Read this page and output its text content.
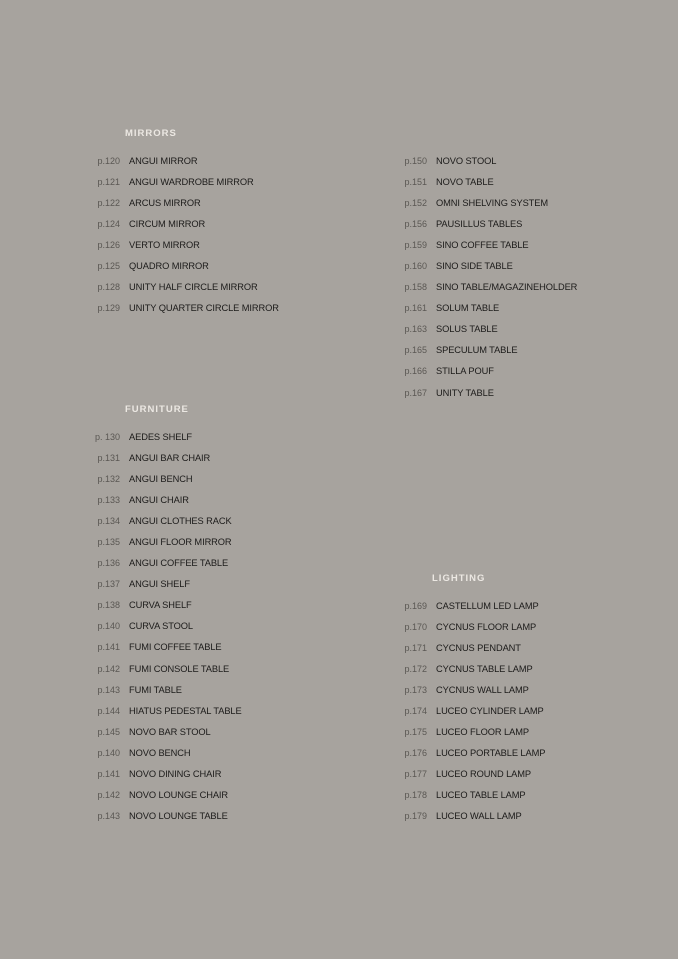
MIRRORS
p.120 ANGUI MIRROR
p.121 ANGUI WARDROBE MIRROR
p.122 ARCUS MIRROR
p.124 CIRCUM MIRROR
p.126 VERTO MIRROR
p.125 QUADRO MIRROR
p.128 UNITY HALF CIRCLE MIRROR
p.129 UNITY QUARTER CIRCLE MIRROR
FURNITURE
p. 130 AEDES SHELF
p.131 ANGUI BAR CHAIR
p.132 ANGUI BENCH
p.133 ANGUI CHAIR
p.134 ANGUI CLOTHES RACK
p.135 ANGUI FLOOR MIRROR
p.136 ANGUI COFFEE TABLE
p.137 ANGUI SHELF
p.138 CURVA SHELF
p.140 CURVA STOOL
p.141 FUMI COFFEE TABLE
p.142 FUMI CONSOLE TABLE
p.143 FUMI TABLE
p.144 HIATUS PEDESTAL TABLE
p.145 NOVO BAR STOOL
p.140 NOVO BENCH
p.141 NOVO DINING CHAIR
p.142 NOVO LOUNGE CHAIR
p.143 NOVO LOUNGE TABLE
p.150 NOVO STOOL
p.151 NOVO TABLE
p.152 OMNI SHELVING SYSTEM
p.156 PAUSILLUS TABLES
p.159 SINO COFFEE TABLE
p.160 SINO SIDE TABLE
p.158 SINO TABLE/MAGAZINEHOLDER
p.161 SOLUM TABLE
p.163 SOLUS TABLE
p.165 SPECULUM TABLE
p.166 STILLA POUF
p.167 UNITY TABLE
LIGHTING
p.169 CASTELLUM LED LAMP
p.170 CYCNUS FLOOR LAMP
p.171 CYCNUS PENDANT
p.172 CYCNUS TABLE LAMP
p.173 CYCNUS WALL LAMP
p.174 LUCEO CYLINDER LAMP
p.175 LUCEO FLOOR LAMP
p.176 LUCEO PORTABLE LAMP
p.177 LUCEO ROUND LAMP
p.178 LUCEO TABLE LAMP
p.179 LUCEO WALL LAMP
